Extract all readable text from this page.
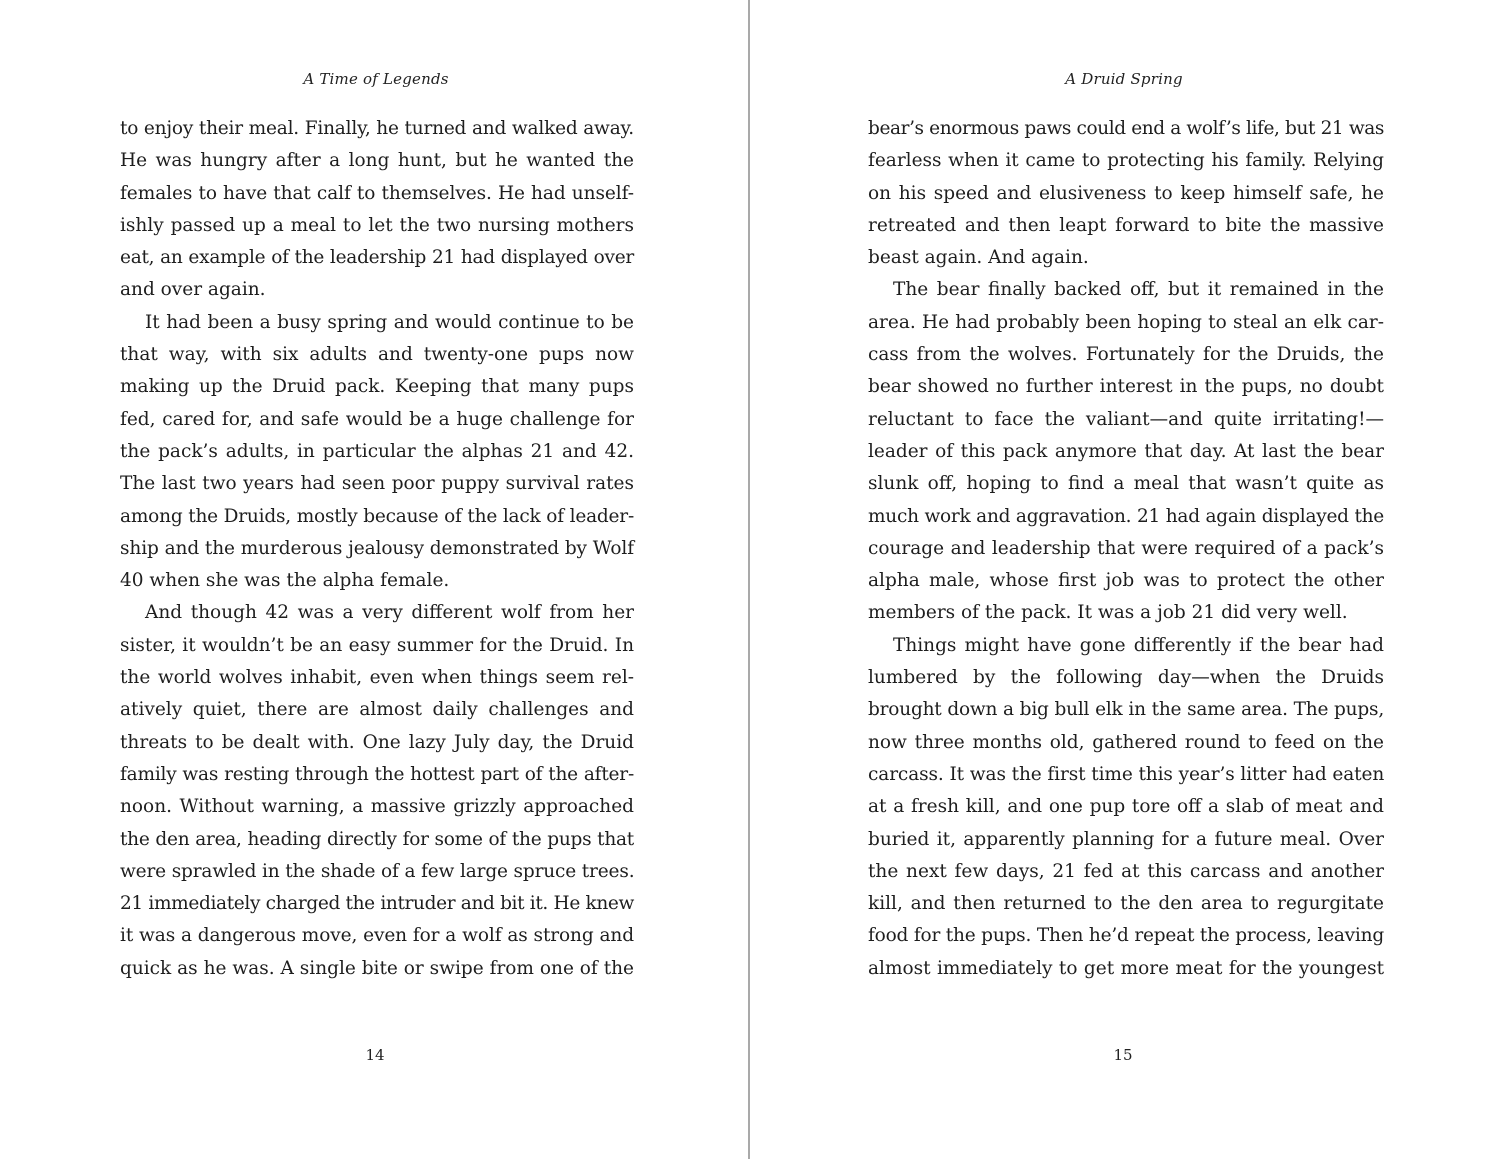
A Time of Legends
to enjoy their meal. Finally, he turned and walked away.
He was hungry after a long hunt, but he wanted the
females to have that calf to themselves. He had unself-
ishly passed up a meal to let the two nursing mothers
eat, an example of the leadership 21 had displayed over
and over again.
It had been a busy spring and would continue to be
that way, with six adults and twenty-one pups now
making up the Druid pack. Keeping that many pups
fed, cared for, and safe would be a huge challenge for
the pack’s adults, in particular the alphas 21 and 42.
The last two years had seen poor puppy survival rates
among the Druids, mostly because of the lack of leader-
ship and the murderous jealousy demonstrated by Wolf
40 when she was the alpha female.
And though 42 was a very different wolf from her
sister, it wouldn’t be an easy summer for the Druid. In
the world wolves inhabit, even when things seem rel-
atively quiet, there are almost daily challenges and
threats to be dealt with. One lazy July day, the Druid
family was resting through the hottest part of the after-
noon. Without warning, a massive grizzly approached
the den area, heading directly for some of the pups that
were sprawled in the shade of a few large spruce trees.
21 immediately charged the intruder and bit it. He knew
it was a dangerous move, even for a wolf as strong and
quick as he was. A single bite or swipe from one of the
14
A Druid Spring
bear’s enormous paws could end a wolf’s life, but 21 was
fearless when it came to protecting his family. Relying
on his speed and elusiveness to keep himself safe, he
retreated and then leapt forward to bite the massive
beast again. And again.
The bear finally backed off, but it remained in the
area. He had probably been hoping to steal an elk car-
cass from the wolves. Fortunately for the Druids, the
bear showed no further interest in the pups, no doubt
reluctant to face the valiant—and quite irritating!—
leader of this pack anymore that day. At last the bear
slunk off, hoping to find a meal that wasn’t quite as
much work and aggravation. 21 had again displayed the
courage and leadership that were required of a pack’s
alpha male, whose first job was to protect the other
members of the pack. It was a job 21 did very well.
Things might have gone differently if the bear had
lumbered by the following day—when the Druids
brought down a big bull elk in the same area. The pups,
now three months old, gathered round to feed on the
carcass. It was the first time this year’s litter had eaten
at a fresh kill, and one pup tore off a slab of meat and
buried it, apparently planning for a future meal. Over
the next few days, 21 fed at this carcass and another
kill, and then returned to the den area to regurgitate
food for the pups. Then he’d repeat the process, leaving
almost immediately to get more meat for the youngest
15
